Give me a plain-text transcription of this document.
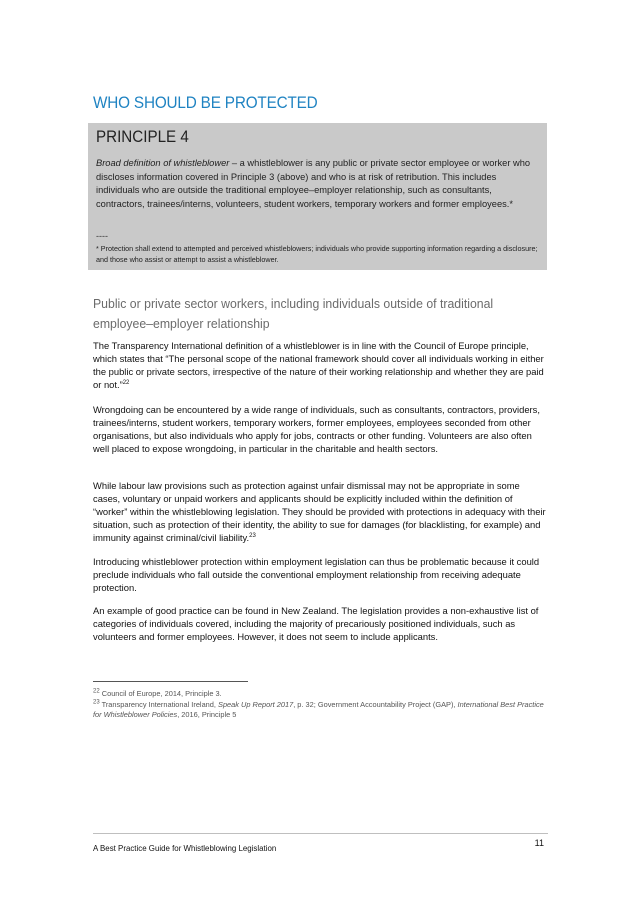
WHO SHOULD BE PROTECTED
PRINCIPLE 4
Broad definition of whistleblower – a whistleblower is any public or private sector employee or worker who discloses information covered in Principle 3 (above) and who is at risk of retribution. This includes individuals who are outside the traditional employee–employer relationship, such as consultants, contractors, trainees/interns, volunteers, student workers, temporary workers and former employees.*
----
* Protection shall extend to attempted and perceived whistleblowers; individuals who provide supporting information regarding a disclosure; and those who assist or attempt to assist a whistleblower.
Public or private sector workers, including individuals outside of traditional employee–employer relationship

The Transparency International definition of a whistleblower is in line with the Council of Europe principle, which states that “The personal scope of the national framework should cover all individuals working in either the public or private sectors, irrespective of the nature of their working relationship and whether they are paid or not.”$^{22}$

Wrongdoing can be encountered by a wide range of individuals, such as consultants, contractors, providers, trainees/interns, student workers, temporary workers, former employees, employees seconded from other organisations, but also individuals who apply for jobs, contracts or other funding. Volunteers are also often well placed to expose wrongdoing, in particular in the charitable and health sectors.

While labour law provisions such as protection against unfair dismissal may not be appropriate in some cases, voluntary or unpaid workers and applicants should be explicitly included within the definition of “worker” within the whistleblowing legislation. They should be provided with protections in adequacy with their situation, such as protection of their identity, the ability to sue for damages (for blacklisting, for example) and immunity against criminal/civil liability.$^{23}$

Introducing whistleblower protection within employment legislation can thus be problematic because it could preclude individuals who fall outside the conventional employment relationship from receiving adequate protection.

An example of good practice can be found in New Zealand. The legislation provides a non-exhaustive list of categories of individuals covered, including the majority of precariously positioned individuals, such as volunteers and former employees. However, it does not seem to include applicants.

$^{22}$ Council of Europe, 2014, Principle 3.
$^{23}$ Transparency International Ireland, Speak Up Report 2017, p. 32; Government Accountability Project (GAP), International Best Practice for Whistleblower Policies, 2016, Principle 5
A Best Practice Guide for Whistleblowing Legislation	11
